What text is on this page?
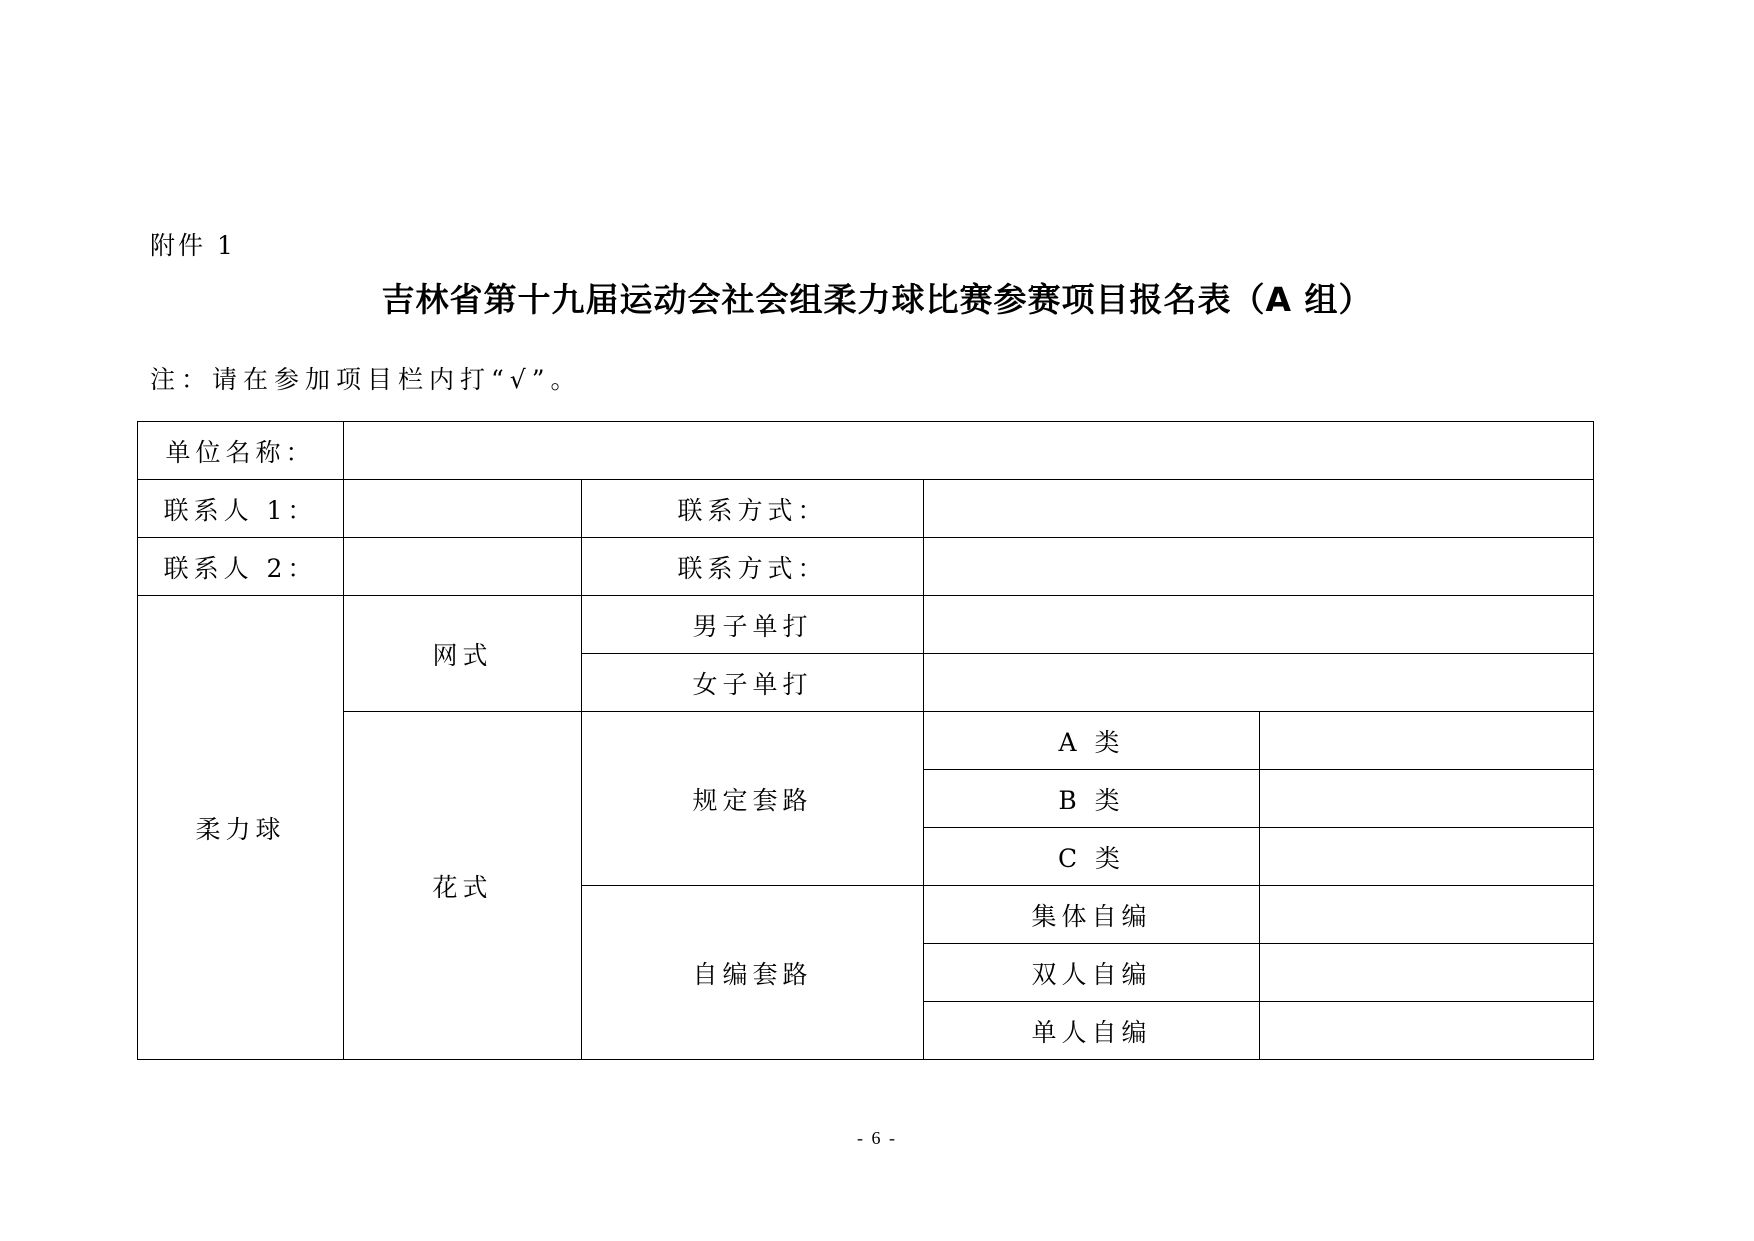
附件 1
吉林省第十九届运动会社会组柔力球比赛参赛项目报名表（A 组）
注：请在参加项目栏内打“√”。
单位名称：				
联系人 1：		联系方式：		
联系人 2：		联系方式：		
柔力球	网式	男子单打		
		女子单打		
	花式	规定套路	A 类	
			B 类	
			C 类	
		自编套路	集体自编	
			双人自编	
			单人自编	
- 6 -
